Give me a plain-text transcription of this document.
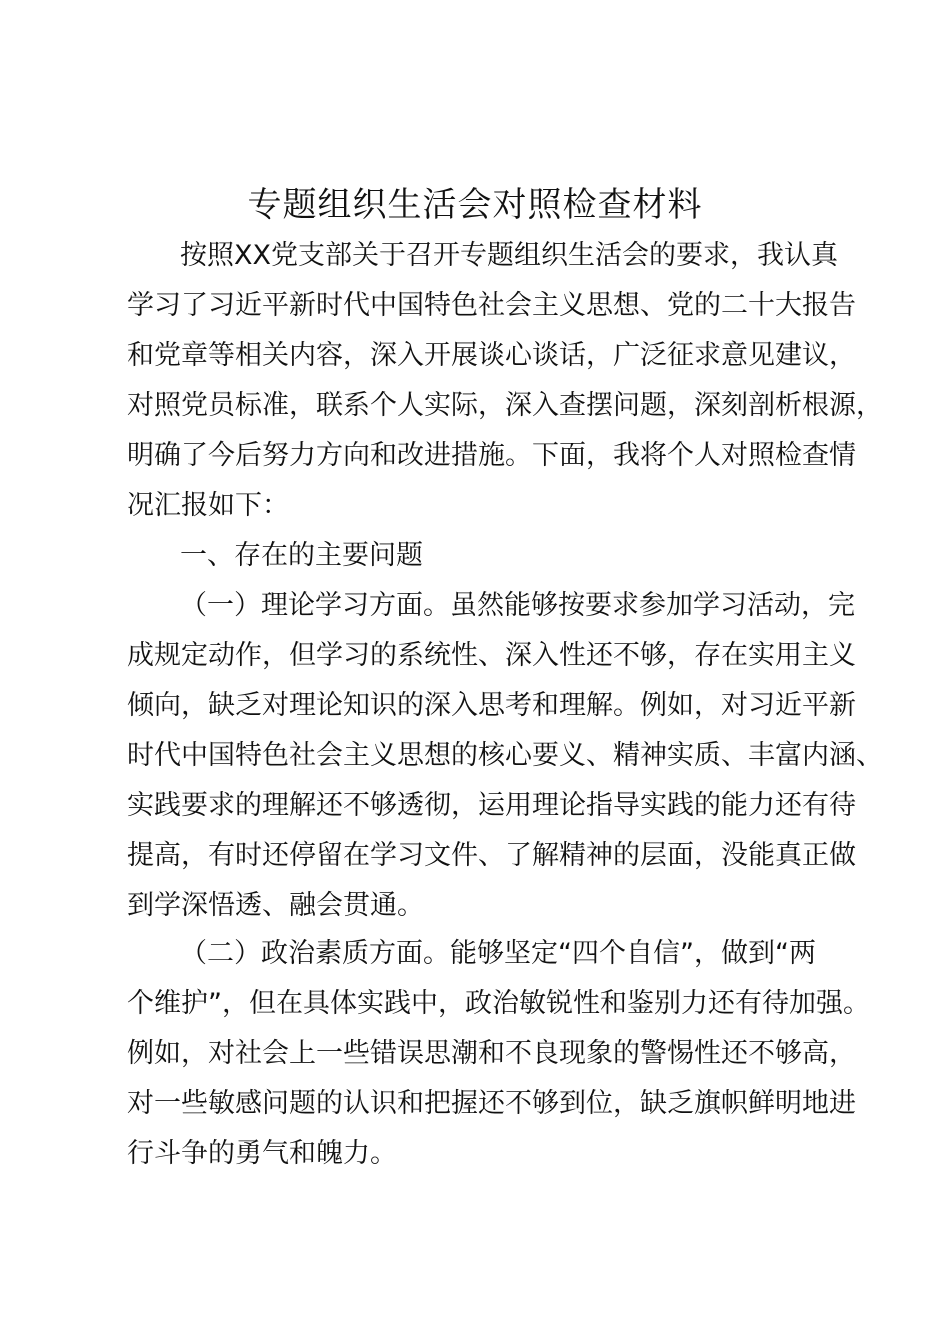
专题组织生活会对照检查材料

按照XX党支部关于召开专题组织生活会的要求，我认真

学习了习近平新时代中国特色社会主义思想、党的二十大报告

和党章等相关内容，深入开展谈心谈话，广泛征求意见建议，

对照党员标准，联系个人实际，深入查摆问题，深刻剖析根源，

明确了今后努力方向和改进措施。下面，我将个人对照检查情

况汇报如下：

一、存在的主要问题

（一）理论学习方面。虽然能够按要求参加学习活动，完

成规定动作，但学习的系统性、深入性还不够，存在实用主义

倾向，缺乏对理论知识的深入思考和理解。例如，对习近平新

时代中国特色社会主义思想的核心要义、精神实质、丰富内涵、

实践要求的理解还不够透彻，运用理论指导实践的能力还有待

提高，有时还停留在学习文件、了解精神的层面，没能真正做

到学深悟透、融会贯通。

（二）政治素质方面。能够坚定“四个自信”，做到“两

个维护”，但在具体实践中，政治敏锐性和鉴别力还有待加强。

例如，对社会上一些错误思潮和不良现象的警惕性还不够高，

对一些敏感问题的认识和把握还不够到位，缺乏旗帜鲜明地进

行斗争的勇气和魄力。
